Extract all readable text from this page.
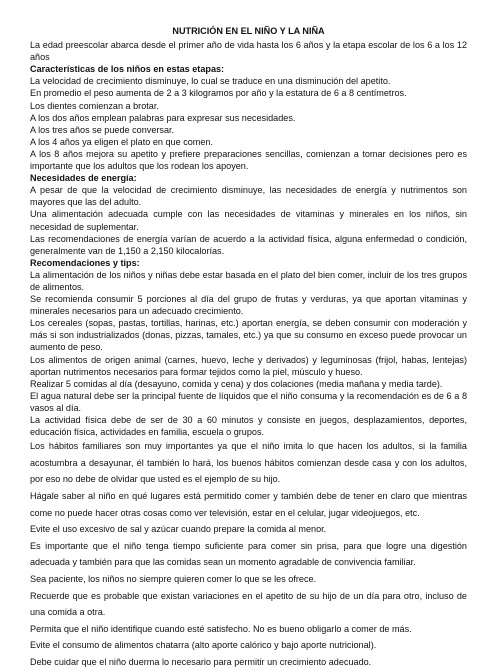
NUTRICIÓN EN EL NIÑO Y LA NIÑA
La edad preescolar abarca desde el primer año de vida hasta los 6 años y la etapa escolar de los 6 a los 12 años
Características de los niños en estas etapas:
La velocidad de crecimiento disminuye, lo cual se traduce en una disminución del apetito.
En promedio el peso aumenta de 2 a 3 kilogramos por año y la estatura de 6 a 8 centímetros.
Los dientes comienzan a brotar.
A los dos años emplean palabras para expresar sus necesidades.
A los tres años se puede conversar.
A los 4 años ya eligen el plato en que comen.
A los 8 años mejora su apetito y prefiere preparaciones sencillas, comienzan a tomar decisiones pero es importante que los adultos que los rodean los apoyen.
Necesidades de energía:
A pesar de que la velocidad de crecimiento disminuye, las necesidades de energía y nutrimentos son mayores que las del adulto.
Una alimentación adecuada cumple con las necesidades de vitaminas y minerales en los niños, sin necesidad de suplementar.
Las recomendaciones de energía varían de acuerdo a la actividad física, alguna enfermedad o condición, generalmente van de 1,150 a 2,150 kilocalorías.
Recomendaciones y tips:
La alimentación de los niños y niñas debe estar basada en el plato del bien comer, incluir de los tres grupos de alimentos.
Se recomienda consumir 5 porciones al día del grupo de frutas y verduras, ya que aportan vitaminas y minerales necesarios para un adecuado crecimiento.
Los cereales (sopas, pastas, tortillas, harinas, etc.) aportan energía, se deben consumir con moderación y más si son industrializados (donas, pizzas, tamales, etc.) ya que su consumo en exceso puede provocar un aumento de peso.
Los alimentos de origen animal (carnes, huevo, leche y derivados) y leguminosas (frijol, habas, lentejas) aportan nutrimentos necesarios para formar tejidos como la piel, músculo y hueso.
Realizar 5 comidas al día (desayuno, comida y cena) y dos colaciones (media mañana y media tarde).
El agua natural debe ser la principal fuente de líquidos que el niño consuma y la recomendación es de 6 a 8 vasos al día.
La actividad física debe de ser de 30 a 60 minutos y consiste en juegos, desplazamientos, deportes, educación física, actividades en familia, escuela o grupos.
Los hábitos familiares son muy importantes ya que el niño imita lo que hacen los adultos, si la familia acostumbra a desayunar, él también lo hará, los buenos hábitos comienzan desde casa y con los adultos, por eso no debe de olvidar que usted es el ejemplo de su hijo.
Hágale saber al niño en qué lugares está permitido comer y también debe de tener en claro que mientras come no puede hacer otras cosas como ver televisión, estar en el celular, jugar videojuegos, etc.
Evite el uso excesivo de sal y azúcar cuando prepare la comida al menor.
Es importante que el niño tenga tiempo suficiente para comer sin prisa, para que logre una digestión adecuada y también para que las comidas sean un momento agradable de convivencia familiar.
Sea paciente, los niños no siempre quieren comer lo que se les ofrece.
Recuerde que es probable que existan variaciones en el apetito de su hijo de un día para otro, incluso de una comida a otra.
Permita que el niño identifique cuando esté satisfecho. No es bueno obligarlo a comer de más.
Evite el consumo de alimentos chatarra (alto aporte calórico y bajo aporte nutricional).
Debe cuidar que el niño duerma lo necesario para permitir un crecimiento adecuado.
